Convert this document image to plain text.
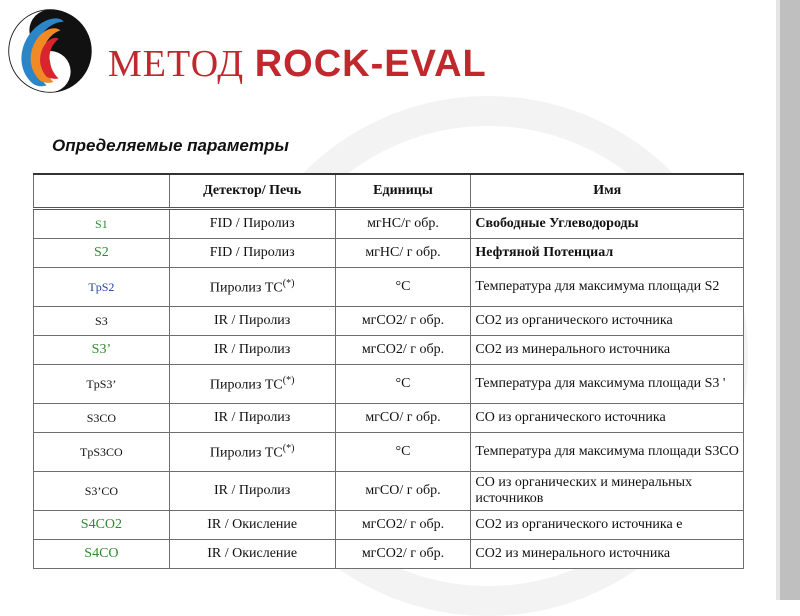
МЕТОД ROCK-EVAL

Определяемые параметры

	Детектор/ Печь	Единицы	Имя
S1	FID / Пиролиз	мгHC/г обр.	Свободные Углеводороды
S2	FID / Пиролиз	мгHC/ г обр.	Нефтяной Потенциал
TpS2	Пиролиз ТС(*)	°C	Температура для максимума площади S2
S3	IR / Пиролиз	мгCO2/ г обр.	CO2 из органического источника
S3’	IR / Пиролиз	мгCO2/ г обр.	CO2 из минерального источника
TpS3’	Пиролиз ТС(*)	°C	Температура для максимума площади S3 '
S3CO	IR / Пиролиз	мгCO/ г обр.	CO из органического источника
TpS3CO	Пиролиз ТС(*)	°C	Температура для максимума площади S3CO
S3’CO	IR / Пиролиз	мгCO/ г обр.	CO из органических и минеральных источников
S4CO2	IR / Окисление	мгCO2/ г обр.	CO2 из органического источника е
S4CO	IR / Окисление	мгCO2/ г обр.	CO2 из минерального источника
